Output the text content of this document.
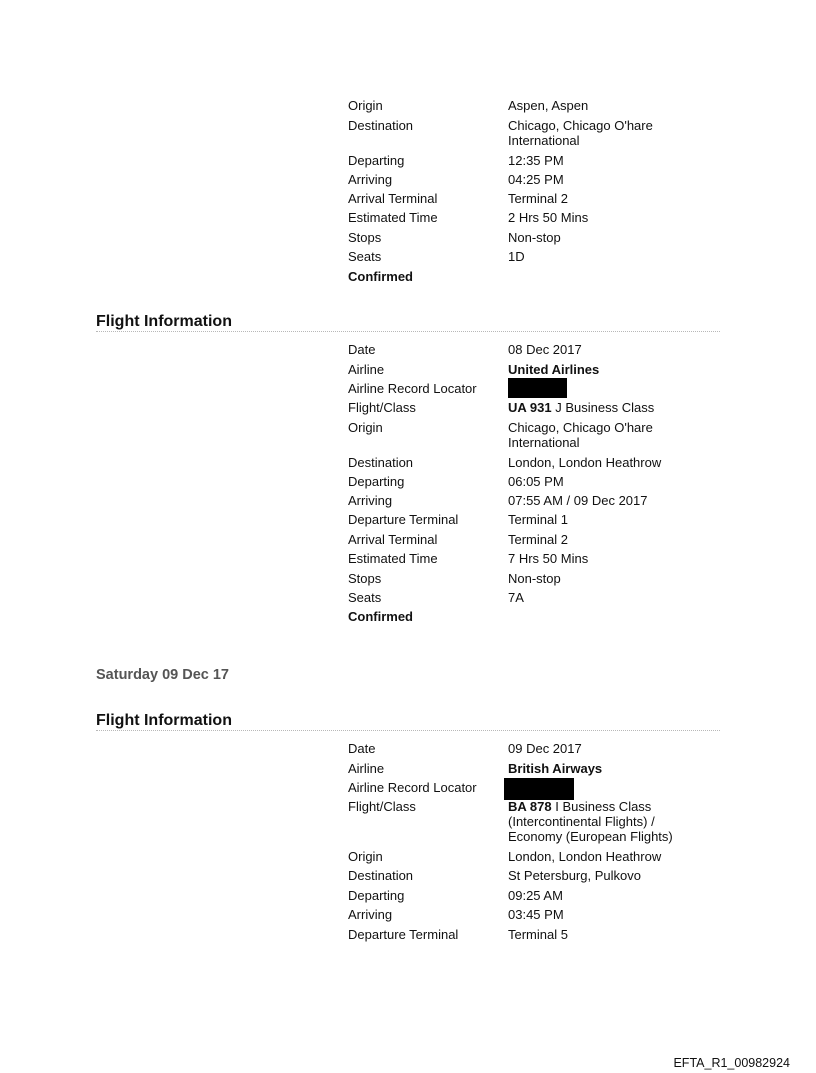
Origin	Aspen, Aspen
Destination	Chicago, Chicago O'hare International
Departing	12:35 PM
Arriving	04:25 PM
Arrival Terminal	Terminal 2
Estimated Time	2 Hrs 50 Mins
Stops	Non-stop
Seats	1D
Confirmed
Flight Information
Date	08 Dec 2017
Airline	United Airlines
Airline Record Locator
Flight/Class	UA 931 J Business Class
Origin	Chicago, Chicago O'hare International
Destination	London, London Heathrow
Departing	06:05 PM
Arriving	07:55 AM / 09 Dec 2017
Departure Terminal	Terminal 1
Arrival Terminal	Terminal 2
Estimated Time	7 Hrs 50 Mins
Stops	Non-stop
Seats	7A
Confirmed
Saturday 09 Dec 17
Flight Information
Date	09 Dec 2017
Airline	British Airways
Airline Record Locator
Flight/Class	BA 878 I Business Class (Intercontinental Flights) / Economy (European Flights)
Origin	London, London Heathrow
Destination	St Petersburg, Pulkovo
Departing	09:25 AM
Arriving	03:45 PM
Departure Terminal	Terminal 5
EFTA_R1_00982924
